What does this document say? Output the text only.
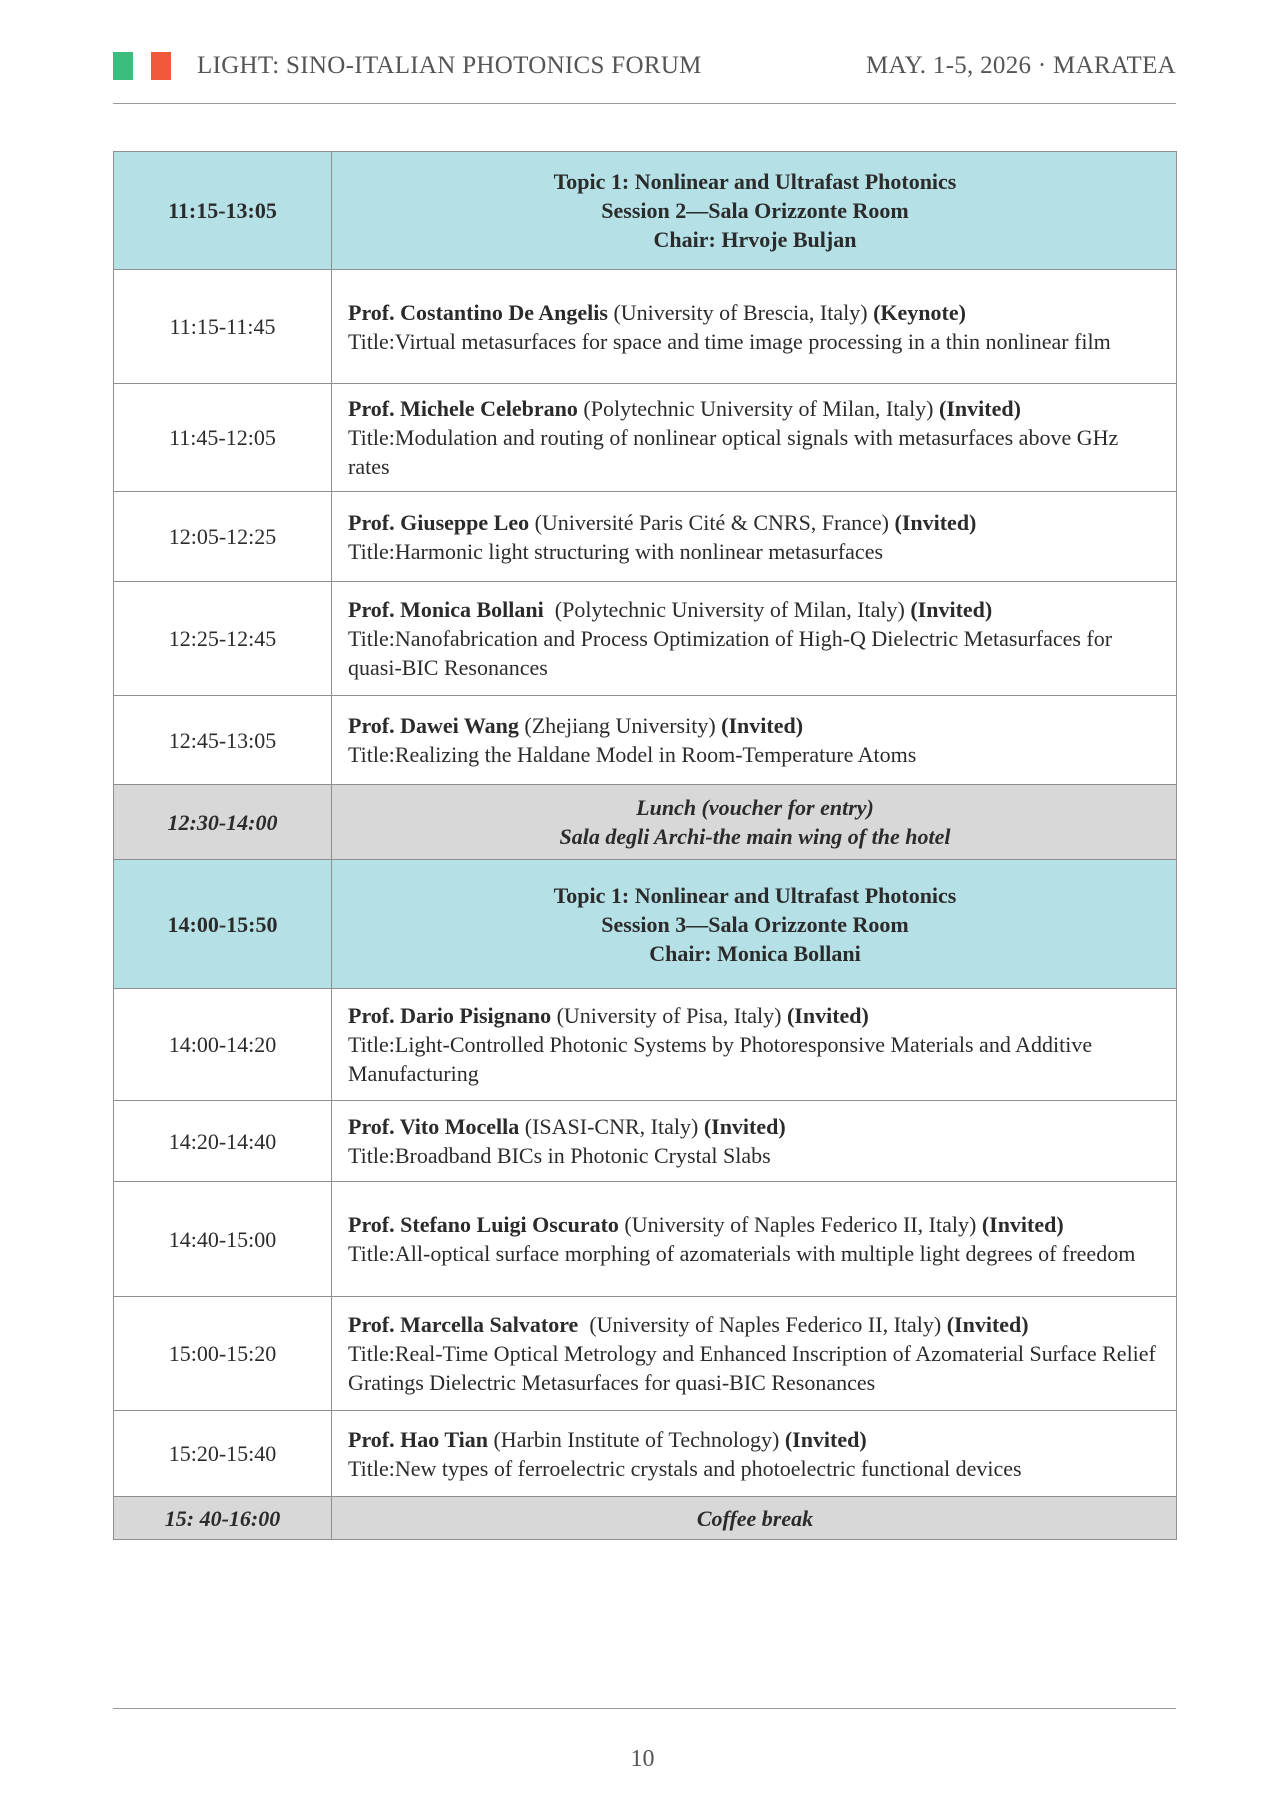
LIGHT: SINO-ITALIAN PHOTONICS FORUM	MAY. 1-5, 2026 · MARATEA
11:15-13:05	Topic 1: Nonlinear and Ultrafast Photonics
Session 2—Sala Orizzonte Room
Chair: Hrvoje Buljan

11:15-11:45	Prof. Costantino De Angelis (University of Brescia, Italy) (Keynote)
Title:Virtual metasurfaces for space and time image processing in a thin nonlinear film

11:45-12:05	Prof. Michele Celebrano (Polytechnic University of Milan, Italy) (Invited)
Title:Modulation and routing of nonlinear optical signals with metasurfaces above GHz rates

12:05-12:25	Prof. Giuseppe Leo (Université Paris Cité & CNRS, France) (Invited)
Title:Harmonic light structuring with nonlinear metasurfaces

12:25-12:45	Prof. Monica Bollani  (Polytechnic University of Milan, Italy) (Invited)
Title:Nanofabrication and Process Optimization of High-Q Dielectric Metasurfaces for quasi-BIC Resonances

12:45-13:05	Prof. Dawei Wang (Zhejiang University) (Invited)
Title:Realizing the Haldane Model in Room-Temperature Atoms

12:30-14:00	Lunch (voucher for entry)
Sala degli Archi-the main wing of the hotel

14:00-15:50	Topic 1: Nonlinear and Ultrafast Photonics
Session 3—Sala Orizzonte Room
Chair: Monica Bollani

14:00-14:20	Prof. Dario Pisignano (University of Pisa, Italy) (Invited)
Title:Light-Controlled Photonic Systems by Photoresponsive Materials and Additive Manufacturing

14:20-14:40	Prof. Vito Mocella (ISASI-CNR, Italy) (Invited)
Title:Broadband BICs in Photonic Crystal Slabs

14:40-15:00	Prof. Stefano Luigi Oscurato (University of Naples Federico II, Italy) (Invited)
Title:All-optical surface morphing of azomaterials with multiple light degrees of freedom

15:00-15:20	Prof. Marcella Salvatore  (University of Naples Federico II, Italy) (Invited)
Title:Real-Time Optical Metrology and Enhanced Inscription of Azomaterial Surface Relief Gratings Dielectric Metasurfaces for quasi-BIC Resonances

15:20-15:40	Prof. Hao Tian (Harbin Institute of Technology) (Invited)
Title:New types of ferroelectric crystals and photoelectric functional devices

15: 40-16:00	Coffee break
10
